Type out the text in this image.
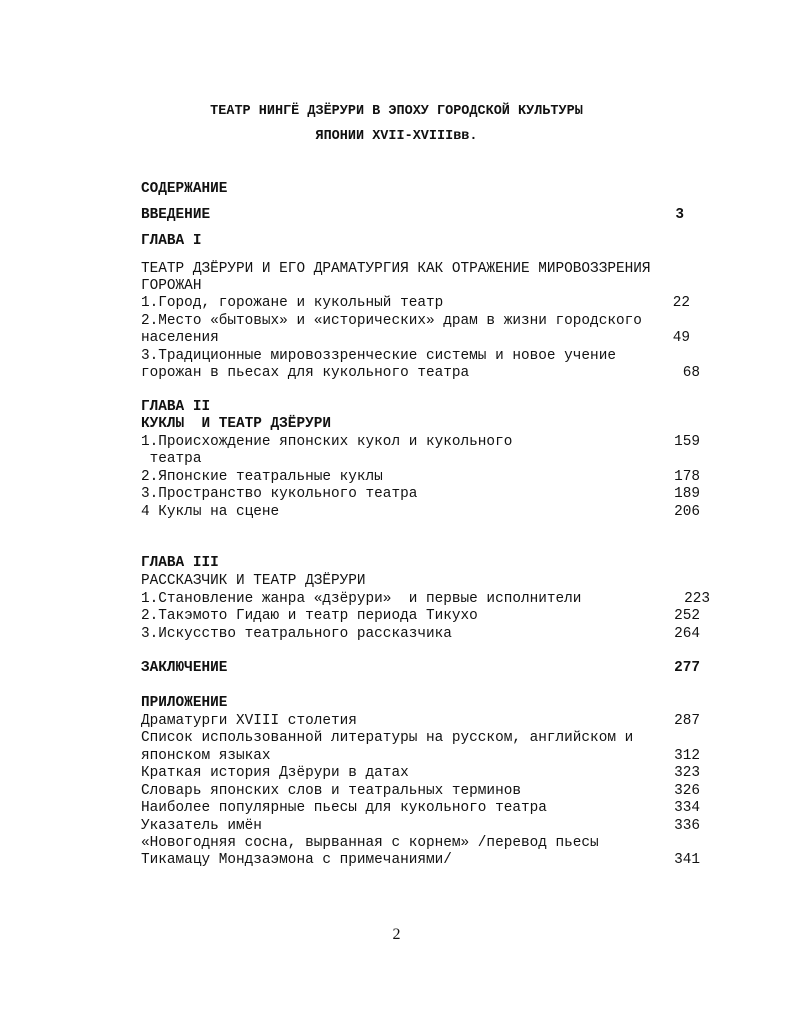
ТЕАТР НИНГЁ ДЗЁРУРИ В ЭПОХУ ГОРОДСКОЙ КУЛЬТУРЫ
ЯПОНИИ XVII-XVIIIвв.
СОДЕРЖАНИЕ
ВВЕДЕНИЕ	3
ГЛАВА I
ТЕАТР ДЗЁРУРИ И ЕГО ДРАМАТУРГИЯ КАК ОТРАЖЕНИЕ МИРОВОЗЗРЕНИЯ
ГОРОЖАН
1.Город, горожане и кукольный театр	22
2.Место «бытовых» и «исторических» драм в жизни городского
населения	49
3.Традиционные мировоззренческие системы и новое учение
горожан в пьесах для кукольного театра	68
ГЛАВА II
КУКЛЫ  И ТЕАТР ДЗЁРУРИ
1.Происхождение японских кукол и кукольного	159
театра
2.Японские театральные куклы	178
3.Пространство кукольного театра	189
4 Куклы на сцене	206
ГЛАВА III
РАССКАЗЧИК И ТЕАТР ДЗЁРУРИ
1.Становление жанра «дзёрури»  и первые исполнители	223
2.Такэмото Гидаю и театр периода Тикухо	252
3.Искусство театрального рассказчика	264
ЗАКЛЮЧЕНИЕ	277
ПРИЛОЖЕНИЕ
Драматурги XVIII столетия	287
Список использованной литературы на русском, английском и
японском языках	312
Краткая история Дзёрури в датах	323
Словарь японских слов и театральных терминов	326
Наиболее популярные пьесы для кукольного театра	334
Указатель имён	336
«Новогодняя сосна, вырванная с корнем» /перевод пьесы
Тикамацу Мондзаэмона с примечаниями/	341
2
